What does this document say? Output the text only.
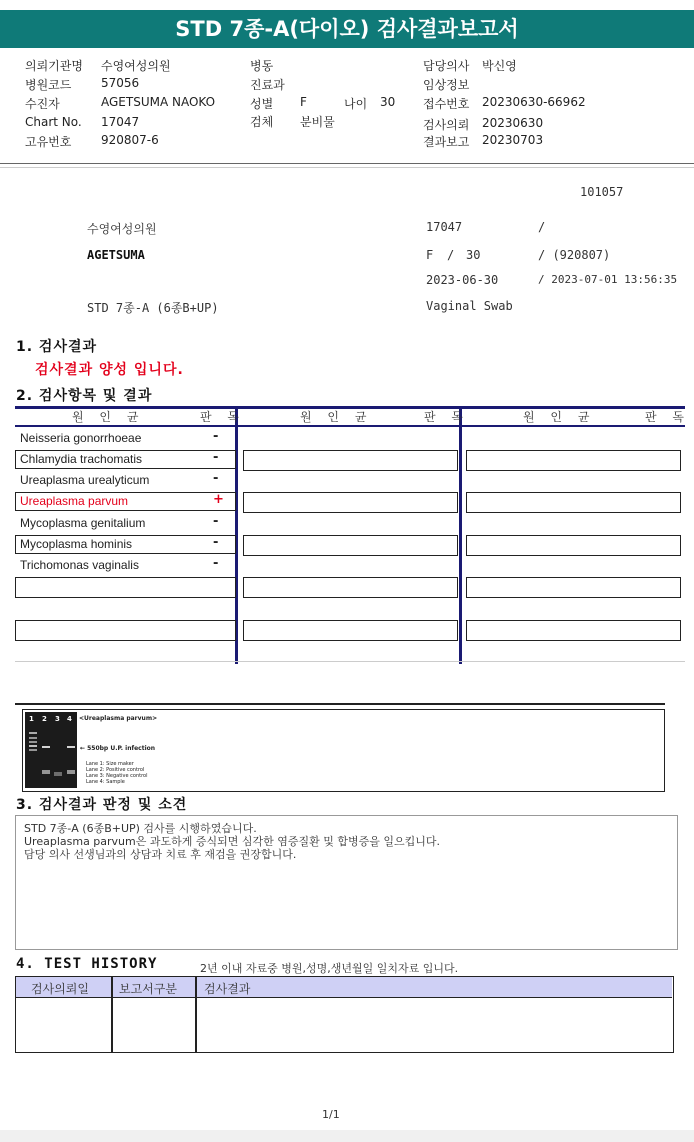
STD 7종-A(다이오) 검사결과보고서
의뢰기관명 수영여성의원
병원코드 57056
수진자	AGETSUMA NAOKO
Chart No. 17047
고유번호 920807-6
병동
진료과
성별 F	나이 30
검체 분비물
담당의사 박신영
임상정보
접수번호 20230630-66962
검사의뢰 20230630
결과보고 20230703
101057
수영여성의원
AGETSUMA
STD 7종-A (6종B+UP)
17047	/
F / 30	/ (920807)
2023-06-30	/ 2023-07-01 13:56:35
Vaginal Swab
1. 검사결과
검사결과 양성 입니다.
2. 검사항목 및 결과
원 인 균	판 독	원 인 균	판 독	원 인 균	판 독
Neisseria gonorrhoeae	-
Chlamydia trachomatis	-
Ureaplasma urealyticum	-
Ureaplasma parvum	+
Mycoplasma genitalium	-
Mycoplasma hominis	-
Trichomonas vaginalis	-
1 2 3 4 <Ureaplasma parvum>
← 550bp U.P. infection
Lane 1: Size maker
Lane 2: Positive control
Lane 3: Negative control
Lane 4: Sample
3. 검사결과 판정 및 소견
STD 7종-A (6종B+UP) 검사를 시행하였습니다.
Ureaplasma parvum은 과도하게 증식되면 심각한 염증질환 및 합병증을 일으킵니다.
담당 의사 선생님과의 상담과 치료 후 재검을 권장합니다.
4. TEST HISTORY	2년 이내 자료중 병원,성명,생년월일 일치자료 입니다.
검사의뢰일	보고서구분 검사결과
1/1
